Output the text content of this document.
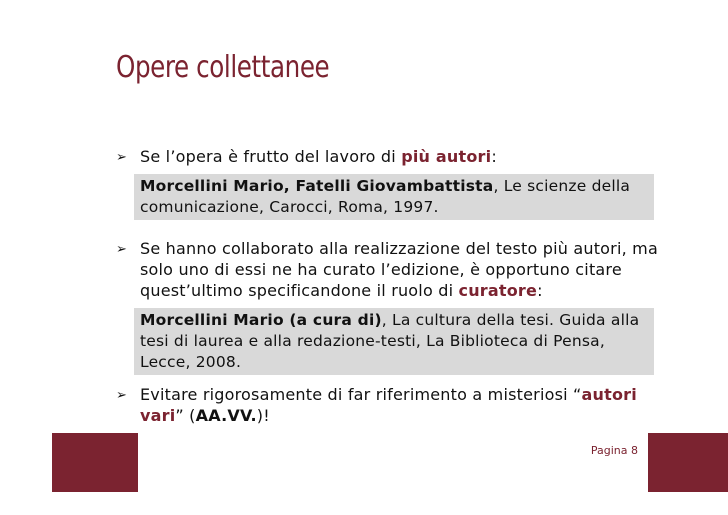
Opere collettanee
➢ Se l’opera è frutto del lavoro di più autori:
Morcellini Mario, Fatelli Giovambattista, Le scienze della comunicazione, Carocci, Roma, 1997.
➢ Se hanno collaborato alla realizzazione del testo più autori, ma solo uno di essi ne ha curato l’edizione, è opportuno citare quest’ultimo specificandone il ruolo di curatore:
Morcellini Mario (a cura di), La cultura della tesi. Guida alla tesi di laurea e alla redazione-testi, La Biblioteca di Pensa, Lecce, 2008.
➢ Evitare rigorosamente di far riferimento a misteriosi “autori vari” (AA.VV.)!
Pagina 8
